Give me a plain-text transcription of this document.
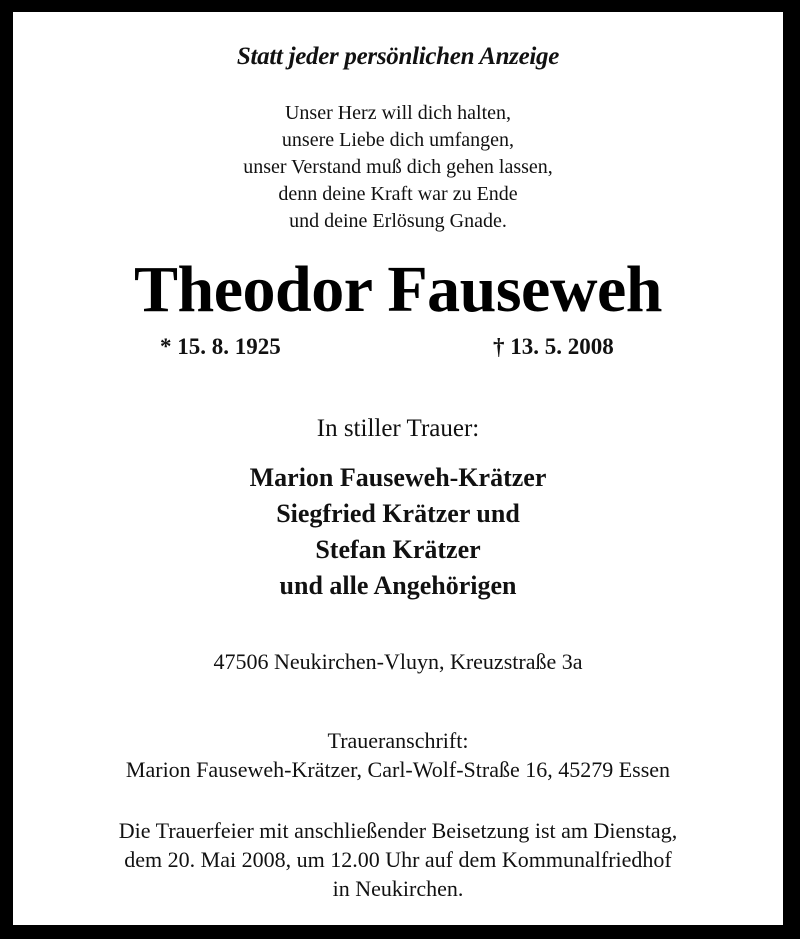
Statt jeder persönlichen Anzeige
Unser Herz will dich halten,
unsere Liebe dich umfangen,
unser Verstand muß dich gehen lassen,
denn deine Kraft war zu Ende
und deine Erlösung Gnade.
Theodor Fauseweh
* 15. 8. 1925	† 13. 5. 2008
In stiller Trauer:
Marion Fauseweh-Krätzer
Siegfried Krätzer und
Stefan Krätzer
und alle Angehörigen
47506 Neukirchen-Vluyn, Kreuzstraße 3a
Traueranschrift:
Marion Fauseweh-Krätzer, Carl-Wolf-Straße 16, 45279 Essen
Die Trauerfeier mit anschließender Beisetzung ist am Dienstag,
dem 20. Mai 2008, um 12.00 Uhr auf dem Kommunalfriedhof
in Neukirchen.
